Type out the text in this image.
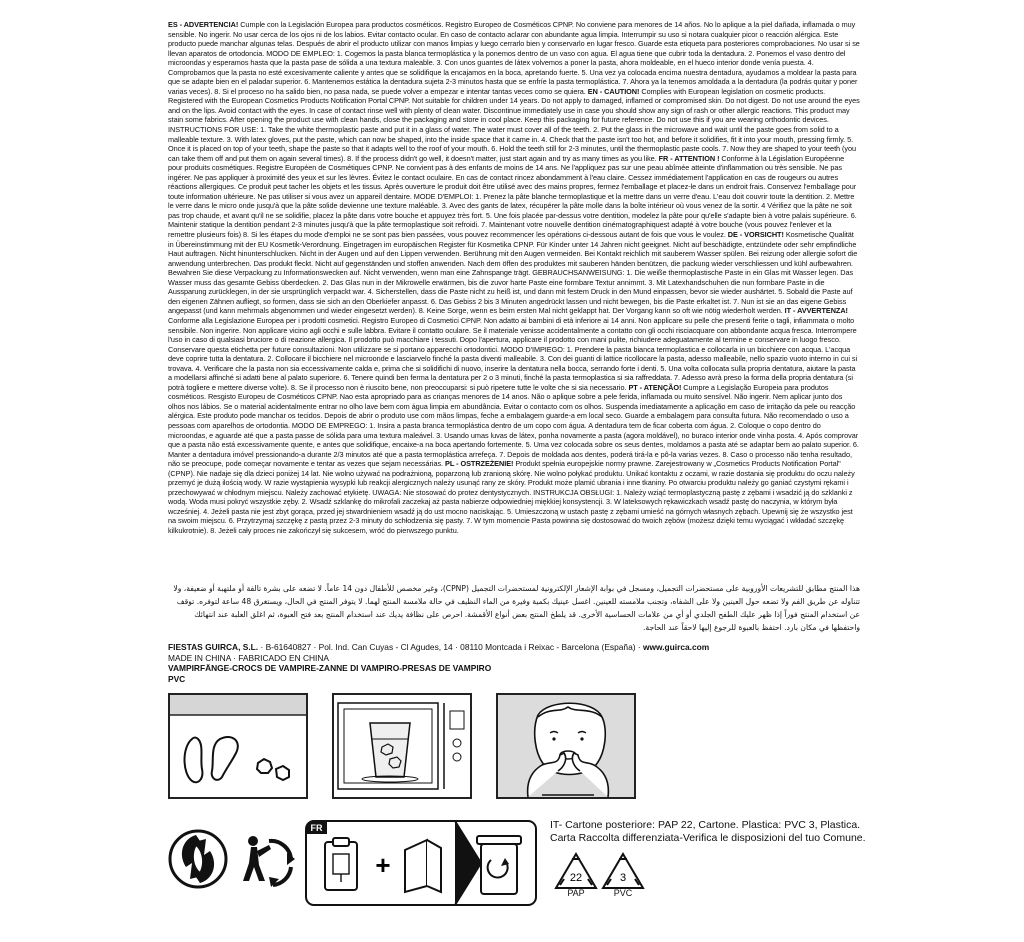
ES - ADVERTENCIA! Cumple con la Legislación Europea para productos cosméticos. Registro Europeo de Cosméticos CPNP. No conviene para menores de 14 años. No lo aplique a la piel dañada, inflamada o muy sensible. No ingerir. No usar cerca de los ojos ni de los labios. Evitar contacto ocular. En caso de contacto aclarar con abundante agua limpia. Interrumpir su uso si notara cualquier picor o reacción alérgica. Este producto puede manchar algunas telas. Después de abrir el producto utilizar con manos limpias y luego cerrarlo bien y conservarlo en lugar fresco. Guarde esta etiqueta para posteriores comprobaciones. No usar si se llevan aparatos de ortodoncia. MODO DE EMPLEO: 1. Cogemos la pasta blanca termoplástica y la ponemos dentro de un vaso con agua. El agua tiene que cubrir toda la dentadura. 2. Ponemos el vaso dentro del microondas y esperamos hasta que la pasta pase de sólida a una textura maleable. 3. Con unos guantes de látex volvemos a poner la pasta, ahora moldeable, en el hueco interior donde venía puesta. 4. Comprobamos que la pasta no esté excesivamente caliente y antes que se solidifique la encajamos en la boca, apretando fuerte. 5. Una vez ya colocada encima nuestra dentadura, ayudamos a moldear la pasta para que se adapte bien en el paladar superior. 6. Mantenemos estática la dentadura sujeta 2-3 minutos hasta que se enfríe la pasta termoplástica. 7. Ahora ya la tenemos amoldada a la dentadura (la podrás quitar y poner varias veces). 8. Si el proceso no ha salido bien, no pasa nada, se puede volver a empezar e intentar tantas veces como se quiera. EN - CAUTION! Complies with European legislation on cosmetic products. Registered with the European Cosmetics Products Notification Portal CPNP. Not suitable for children under 14 years. Do not apply to damaged, inflamed or compromised skin. Do not digest. Do not use around the eyes and on the lips. Avoid contact with the eyes. In case of contact rinse well with plenty of clean water. Discontinue immediately use in case you should show any sign of rash or other allergic reactions. This product may stain some fabrics. After opening the product use with clean hands, close the packaging and store in cool place. Keep this packaging for future reference. Do not use this if you are wearing orthodontic devices. INSTRUCTIONS FOR USE: 1. Take the white thermoplastic paste and put it in a glass of water. The water must cover all of the teeth. 2. Put the glass in the microwave and wait until the paste goes from solid to a malleable texture. 3. With latex gloves, put the paste, which can now be shaped, into the inside space that it came in. 4. Check that the paste isn't too hot, and before it solidifies, fit it into your mouth, pressing firmly. 5. Once it is placed on top of your teeth, shape the paste so that it adapts well to the roof of your mouth. 6. Hold the teeth still for 2-3 minutes, until the thermoplastic paste cools. 7. Now they are shaped to your teeth (you can take them off and put them on again several times). 8. If the process didn't go well, it doesn't matter, just start again and try as many times as you like. FR - ATTENTION ! Conforme à la Législation Européenne pour produits cosmétiques. Registre Européen de Cosmétiques CPNP. Ne convient pas à des enfants de moins de 14 ans. Ne l'appliquez pas sur une peau abîmée atteinte d'inflammation ou très sensible. Ne pas ingérer. Ne pas appliquer à proximité des yeux et sur les lèvres. Évitez le contact oculaire. En cas de contact rincez abondamment à l'eau claire. Cessez immédiatement l'application en cas de rougeurs ou autres réactions allergiques. Ce produit peut tacher les objets et les tissus. Après ouverture le produit doit être utilisé avec des mains propres, fermez l'emballage et placez-le dans un endroit frais. Conservez l'emballage pour toute information ultérieure. Ne pas utiliser si vous avez un appareil dentaire. MODE D'EMPLOI: 1. Prenez la pâte blanche termoplastique et la mettre dans un verre d'eau. L'eau doit couvrir toute la dentition. 2. Mettre le verre dans le micro onde jusqu'à que la pâte solide devienne une texture maléable. 3. Avec des gants de latex, récupérer la pâte molle dans la boîte intérieur où vous venez de la sortir. 4 Vérifiez que la pâte ne soit pas trop chaude, et avant qu'il ne se solidifie, placez la pâte dans votre bouche et appuyez très fort. 5. Une fois placée par-dessus votre dentition, modelez la pâte pour qu'elle s'adapte bien à votre palais supérieure. 6. Maintenir statique la dentition pendant 2-3 minutes jusqu'à que la pâte termoplastique soit refroidi. 7. Maintenant votre nouvelle dentition cinématographiquest adapté à votre bouche (vous pouvez l'enlever et la remettre plusieurs fois) 8. Si les étapes du mode d'emploi ne se sont pas bien passées, vous pouvez recommencer les opérations ci-dessous autant de fois que vous le voulez. DE - VORSICHT! Kosmetische Qualität in Übereinstimmung mit der EU Kosmetik-Verordnung. Eingetragen im europäischen Register für Kosmetika CPNP. Für Kinder unter 14 Jahren nicht geeignet. Nicht auf beschädigte, entzündete oder sehr empfindliche Haut auftragen. Nicht hinunterschlucken. Nicht in der Augen und auf den Lippen verwenden. Berührung mit den Augen vermeiden. Bei Kontakt reichlich mit sauberem Wasser spülen. Bei reizung oder allergie sofort die anwendung unterbrechen. Das produkt fleckt. Nicht auf gegenständen und stoffen anwenden. Nach dem öffen des produktes mit sauberen händen benützen, die packung wieder verschliessen und kühl aufbewahren. Bewahren Sie diese Verpackung zu Informationswecken auf. Nicht verwenden, wenn man eine Zahnspange trägt. GEBRAUCHSANWEISUNG: 1. Die weiße thermoplastische Paste in ein Glas mit Wasser legen. Das Wasser muss das gesamte Gebiss überdecken. 2. Das Glas nun in der Mikrowelle erwärmen, bis die zuvor harte Paste eine formbare Textur annimmt. 3. Mit Latexhandschuhen die nun formbare Paste in die Aussparung zurücklegen, in der sie ursprünglich verpackt war. 4. Sicherstellen, dass die Paste nicht zu heiß ist, und dann mit festem Druck in den Mund einpassen, bevor sie wieder aushärtet. 5. Sobald die Paste auf den eigenen Zähnen aufliegt, so formen, dass sie sich an den Oberkiefer anpasst. 6. Das Gebiss 2 bis 3 Minuten angedrückt lassen und nicht bewegen, bis die Paste erkaltet ist. 7. Nun ist sie an das eigene Gebiss angepasst (und kann mehrmals abgenommen und wieder eingesetzt werden). 8. Keine Sorge, wenn es beim ersten Mal nicht geklappt hat. Der Vorgang kann so oft wie nötig wiederholt werden. IT - AVVERTENZA! Conforme alla Legislazione Europea per i prodotti cosmetici. Registro Europeo di Cosmetici CPNP. Non adatto ai bambini di età inferiore ai 14 anni. Non applicare su pelle che presenti ferite o tagli, infiammata o molto sensibile. Non ingerire. Non applicare vicino agli occhi e sulle labbra. Evitare il contatto oculare. Se il materiale venisse accidentalmente a contatto con gli occhi risciacquare con abbondante acqua fresca. Interrompere l'uso in caso di qualsiasi bruciore o di reazione allergica. Il prodotto può macchiare i tessuti. Dopo l'apertura, applicare il prodotto con mani pulite, richiudere adeguatamente al termine e conservare in luogo fresco. Conservare questa etichetta per future consultazioni. Non utilizzare se si portano apparecchi ortodontici. MODO D'IMPIEGO: 1. Prendere la pasta bianca termoplastica e collocarla in un bicchiere con acqua. L'acqua deve coprire tutta la dentatura. 2. Collocare il bicchiere nel microonde e lasciarvelo finché la pasta diventi malleabile. 3. Con dei guanti di lattice ricollocare la pasta, adesso malleabile, nello spazio vuoto interno in cui si trovava. 4. Verificare che la pasta non sia eccessivamente calda e, prima che si solidifichi di nuovo, inserire la dentatura nella bocca, serrando forte i denti. 5. Una volta collocata sulla propria dentatura, aiutare la pasta a modellarsi affinché si adatti bene al palato superiore. 6. Tenere quindi ben ferma la dentatura per 2 o 3 minuti, finché la pasta termoplastica si sia raffreddata. 7. Adesso avrà preso la forma della propria dentatura (si potrà togliere e mettere diverse volte). 8. Se il processo non è riuscito bene, non preoccuparsi: si può ripetere tutte le volte che si sia necessario. PT - ATENÇÃO! Cumpre a Legislação Europeia para produtos cosméticos. Resgisto Europeu de Cosméticos CPNP. Nao esta apropriado para as crianças menores de 14 anos. Não o aplique sobre a pele ferida, inflamada ou muito sensível. Não ingerir. Nem aplicar junto dos olhos nos lábios. Se o material acidentalmente entrar no olho lave bem com água limpia em abundância. Evitar o contacto com os olhos. Suspenda imediatamente a aplicação em caso de irritação da pele ou reacção alérgica. Este produto pode manchar os tecidos. Depois de abrir o produto use com mãos limpas, feche a embalagem guarde-a em local seco. Guarde a embalagem para consulta futura. Não recomendado o uso a pessoas com aparelhos de ortodontia. MODO DE EMPREGO: 1. Insira a pasta branca termoplástica dentro de um copo com água. A dentadura tem de ficar coberta com água. 2. Coloque o copo dentro do microondas, e aguarde até que a pasta passe de sólida para uma textura maleável. 3. Usando umas luvas de látex, ponha novamente a pasta (agora moldável), no buraco interior onde vinha posta. 4. Após comprovar que a pasta não está excessivamente quente, e antes que solidifique, encaixe-a na boca apertando fortemente. 5. Uma vez colocada sobre os seus dentes, moldamos a pasta até se adaptar bem ao palato superior. 6. Manter a dentadura imóvel pressionando-a durante 2/3 minutos até que a pasta termoplástica arrefeça. 7. Depois de moldada aos dentes, poderá tirá-la e pô-la varias vezes. 8. Caso o processo não tenha resultado, não se preocupe, pode começar novamente e tentar as vezes que sejam necessárias. PL - OSTRZEŻENIE! Produkt spełnia europejskie normy prawne. Zarejestrowany w „Cosmetics Products Notification Portal" (CPNP). Nie nadaje się dla dzieci poniżej 14 lat. Nie wolno używać na podrażnioną, poparzoną lub zranioną skórę. Nie wolno połykać produktu. Unikać kontaktu z oczami, w razie dostania się produktu do oczu należy przemyć je dużą ilością wody. W razie wystąpienia wysypki lub reakcji alergicznych należy usunąć rany ze skóry. Produkt może plamić ubrania i inne tkaniny. Po otwarciu produktu należy go ganiać czystymi rękami i przechowywać w chłodnym miejscu. Należy zachować etykietę. UWAGA: Nie stosować do protez dentystycznych. INSTRUKCJA OBSŁUGI: 1. Należy wziąć termoplastyczną pastę z zębami i wsadzić ją do szklanki z wodą. Woda musi pokryć wszystkie zęby. 2. Wsadź szklankę do mikrofali zaczekaj aż pasta nabierze odpowiedniej miękkiej konsystencji. 3. W lateksowych rękawiczkach wsadź pastę do naczynia, w którym była wcześniej. 4. Jeżeli pasta nie jest zbyt gorąca, przed jej stwardnieniem wsadź ją do ust mocno naciskając. 5. Umieszczoną w ustach pastę z zębami umieść na górnych własnych zębach. Upewnij się że wszystko jest na swoim miejscu. 6. Przytrzymaj szczękę z pastą przez 2-3 minuty do schłodzenia się pasty. 7. W tym momencie Pasta powinna się dostosować do twoich zębów (możesz dzięki temu wyciągać i wkładać szczękę kilkukrotnie). 8. Jeżeli cały proces nie zakończył się sukcesem, wróć do pierwszego punktu.
هذا المنتج مطابق للتشريعات الأوروبية على مستحضرات التجميل، ومسجل في بوابة الإشعار الإلكترونية لمستحضرات التجميل (CPNP)، وغير مخصص للأطفال دون 14 عاماً. لا تضعه على بشرة تالفة أو ملتهبة أو ضعيفة، ولا تتناوله عن طريق الفم ولا تضعه حول العينين ولا على الشفاه، وتجنب ملامسته للعينين. اغسل عينيك بكمية وفيرة من الماء النظيف في حالة ملامسة المنتج لهما. لا يتوفر المنتج في الحال، ويستغرق 48 ساعة لتوفره. توقف عن استخدام المنتج فوراً إذا ظهر عليك الطفح الجلدي أو أي من علامات الحساسية الأخرى. قد يلطخ المنتج بعض أنواع الأقمشة. احرص على نظافة يديك عند استخدام المنتج بعد فتح العبوة، ثم اغلق العلبة عند انتهائك واحتفظها في مكان بارد. احتفظ بالعبوة للرجوع إليها لاحقاً عند الحاجة.
FIESTAS GUIRCA, S.L. · B-61640827 · Pol. Ind. Can Cuyas - Cl Agudes, 14 · 08110 Montcada i Reixac - Barcelona (España) · www.guirca.com
MADE IN CHINA · FABRICADO EN CHINA
VAMPIRFÄNGE-CROCS DE VAMPIRE-ZANNE DI VAMPIRO-PRESAS DE VAMPIRO
PVC
FR
+
IT- Cartone posteriore: PAP 22, Cartone. Plastica: PVC 3, Plastica.
Carta Raccolta differenziata-Verifica le disposizioni del tuo Comune.
22
PAP
3
PVC
